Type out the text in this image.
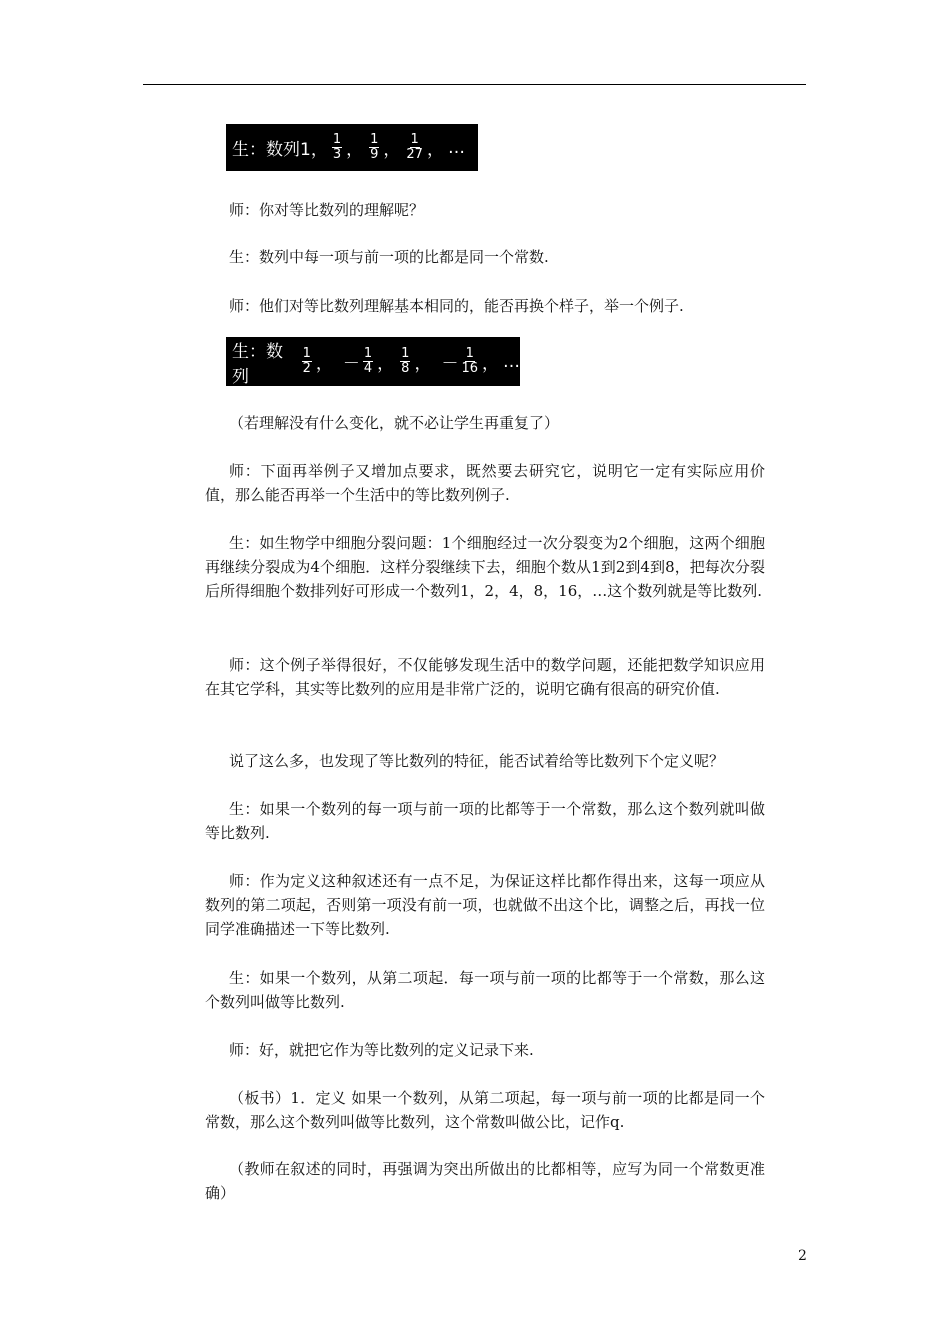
生：数列1， $\frac{1}{3}$ ， $\frac{1}{9}$ ， $\frac{1}{27}$ ， …

师：你对等比数列的理解呢？

生：数列中每一项与前一项的比都是同一个常数.

师：他们对等比数列理解基本相同的，能否再换个样子，举一个例子.

生：数列
$\frac{1}{2}$ ， － $\frac{1}{4}$ ， $\frac{1}{8}$ ， － $\frac{1}{16}$ ， …

（若理解没有什么变化，就不必让学生再重复了）

师：下面再举例子又增加点要求，既然要去研究它，说明它一定有实际应用价值，那么能否再举一个生活中的等比数列例子.

生：如生物学中细胞分裂问题：1个细胞经过一次分裂变为2个细胞，这两个细胞再继续分裂成为4个细胞．这样分裂继续下去，细胞个数从1到2到4到8，把每次分裂后所得细胞个数排列好可形成一个数列1，2，4，8，16，…这个数列就是等比数列.

师：这个例子举得很好，不仅能够发现生活中的数学问题，还能把数学知识应用在其它学科，其实等比数列的应用是非常广泛的，说明它确有很高的研究价值.

说了这么多，也发现了等比数列的特征，能否试着给等比数列下个定义呢？

生：如果一个数列的每一项与前一项的比都等于一个常数，那么这个数列就叫做等比数列.

师：作为定义这种叙述还有一点不足，为保证这样比都作得出来，这每一项应从数列的第二项起，否则第一项没有前一项，也就做不出这个比，调整之后，再找一位同学准确描述一下等比数列.

生：如果一个数列，从第二项起．每一项与前一项的比都等于一个常数，那么这个数列叫做等比数列.

师：好，就把它作为等比数列的定义记录下来.

（板书）1．定义 如果一个数列，从第二项起，每一项与前一项的比都是同一个常数，那么这个数列叫做等比数列，这个常数叫做公比，记作q.

（教师在叙述的同时，再强调为突出所做出的比都相等，应写为同一个常数更准确）

2
